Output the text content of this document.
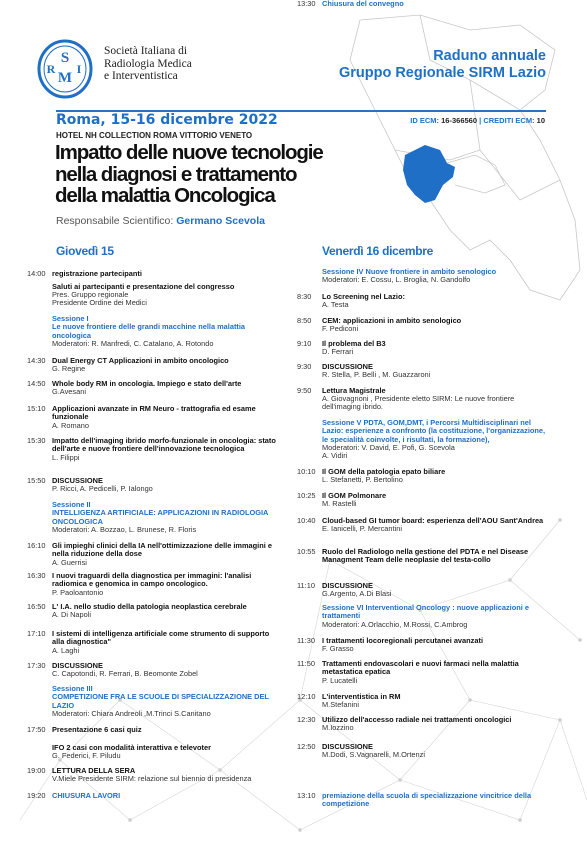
S
M
R I
Società Italiana di
Radiologia Medica
e Interventistica
Raduno annuale
Gruppo Regionale SIRM Lazio
Roma, 15-16 dicembre 2022	ID ECM: 16-366560 | CREDITI ECM: 10
HOTEL NH COLLECTION ROMA VITTORIO VENETO
Impatto delle nuove tecnologie
nella diagnosi e trattamento
della malattia Oncologica
Responsabile Scientifico: Germano Scevola
Giovedì 15	Venerdì 16 dicembre
14:00 registrazione partecipanti
Saluti ai partecipanti e presentazione del congresso
Pres. Gruppo regionale
Presidente Ordine dei Medici
Sessione I
Le nuove frontiere delle grandi macchine nella malattia oncologica
Moderatori: R. Manfredi, C. Catalano, A. Rotondo
14:30 Dual Energy CT Applicazioni in ambito oncologico
G. Regine
14:50 Whole body RM in oncologia. Impiego e stato dell'arte
G.Avesani
15:10 Applicazioni avanzate in RM Neuro - trattografia ed esame funzionale
A. Romano
15:30 Impatto dell'imaging ibrido morfo-funzionale in oncologia: stato dell'arte e nuove frontiere dell'innovazione tecnologica
L. Filippi
15:50 DISCUSSIONE
P. Ricci, A. Pedicelli, P. Ialongo
Sessione II
INTELLIGENZA ARTIFICIALE: APPLICAZIONI IN RADIOLOGIA ONCOLOGICA
Moderatori: A. Bozzao, L. Brunese, R. Floris
16:10 Gli impieghi clinici della IA nell'ottimizzazione delle immagini e nella riduzione della dose
A. Guerrisi
16:30 I nuovi traguardi della diagnostica per immagini: l'analisi radiomica e genomica in campo oncologico.
P. Paoloantonio
16:50 L' I.A. nello studio della patologia neoplastica cerebrale
A. Di Napoli
17:10 I sistemi di intelligenza artificiale come strumento di supporto alla diagnostica"
A. Laghi
17:30 DISCUSSIONE
C. Capotondi, R. Ferrari, B. Beomonte Zobel
Sessione III
COMPETIZIONE FRA LE SCUOLE DI SPECIALIZZAZIONE DEL LAZIO
Moderatori: Chiara Andreoli ,M.Trinci S.Canitano
17:50 Presentazione 6 casi quiz
IFO 2 casi con modalità interattiva e televoter
G. Federici, F. Piludu
19:00 LETTURA DELLA SERA
V.Miele Presidente SIRM: relazione sul biennio di presidenza
19:20 CHIUSURA LAVORI
Sessione IV Nuove frontiere in ambito senologico
Moderatori: E. Cossu, L. Broglia, N. Gandolfo
8:30	Lo Screening nel Lazio:
A. Testa
8:50	CEM: applicazioni in ambito senologico
F. Pediconi
9:10	Il problema del B3
D. Ferrari
9:30	DISCUSSIONE
R. Stella, P. Belli , M. Guazzaroni
9:50	Lettura Magistrale
A. Giovagnoni , Presidente eletto SIRM: Le nuove frontiere dell'imaging ibrido.
Sessione V PDTA, GOM,DMT, i Percorsi Multidisciplinari nel Lazio: esperienze a confronto (la costituzione, l'organizzazione, le specialità coinvolte, i risultati, la formazione),
Moderatori: V. David, E. Pofi, G. Scevola
A. Vidiri
10:10 Il GOM della patologia epato biliare
L. Stefanetti, P. Bertolino
10:25 Il GOM Polmonare
M. Rastelli
10:40 Cloud-based GI tumor board: esperienza dell'AOU Sant'Andrea
E. Ianicelli, P. Mercantini
10:55 Ruolo del Radiologo nella gestione del PDTA e nel Disease Managment Team delle neoplasie del testa-collo
11:10 DISCUSSIONE
G.Argento, A.Di Blasi
Sessione VI Interventional Oncology : nuove applicazioni e trattamenti
Moderatori: A.Orlacchio, M.Rossi, C.Ambrog
11:30 I trattamenti locoregionali percutanei avanzati
F. Grasso
11:50 Trattamenti endovascolari e nuovi farmaci nella malattia metastatica epatica
P. Lucatelli
12:10 L'interventistica in RM
M.Stefanini
12:30 Utilizzo dell'accesso radiale nei trattamenti oncologici
M.Iozzino
12:50 DISCUSSIONE
M.Dodi, S.Vagnarelli, M.Ortenzi
13:10 premiazione della scuola di specializzazione vincitrice della competizione
13:30 Chiusura del convegno
